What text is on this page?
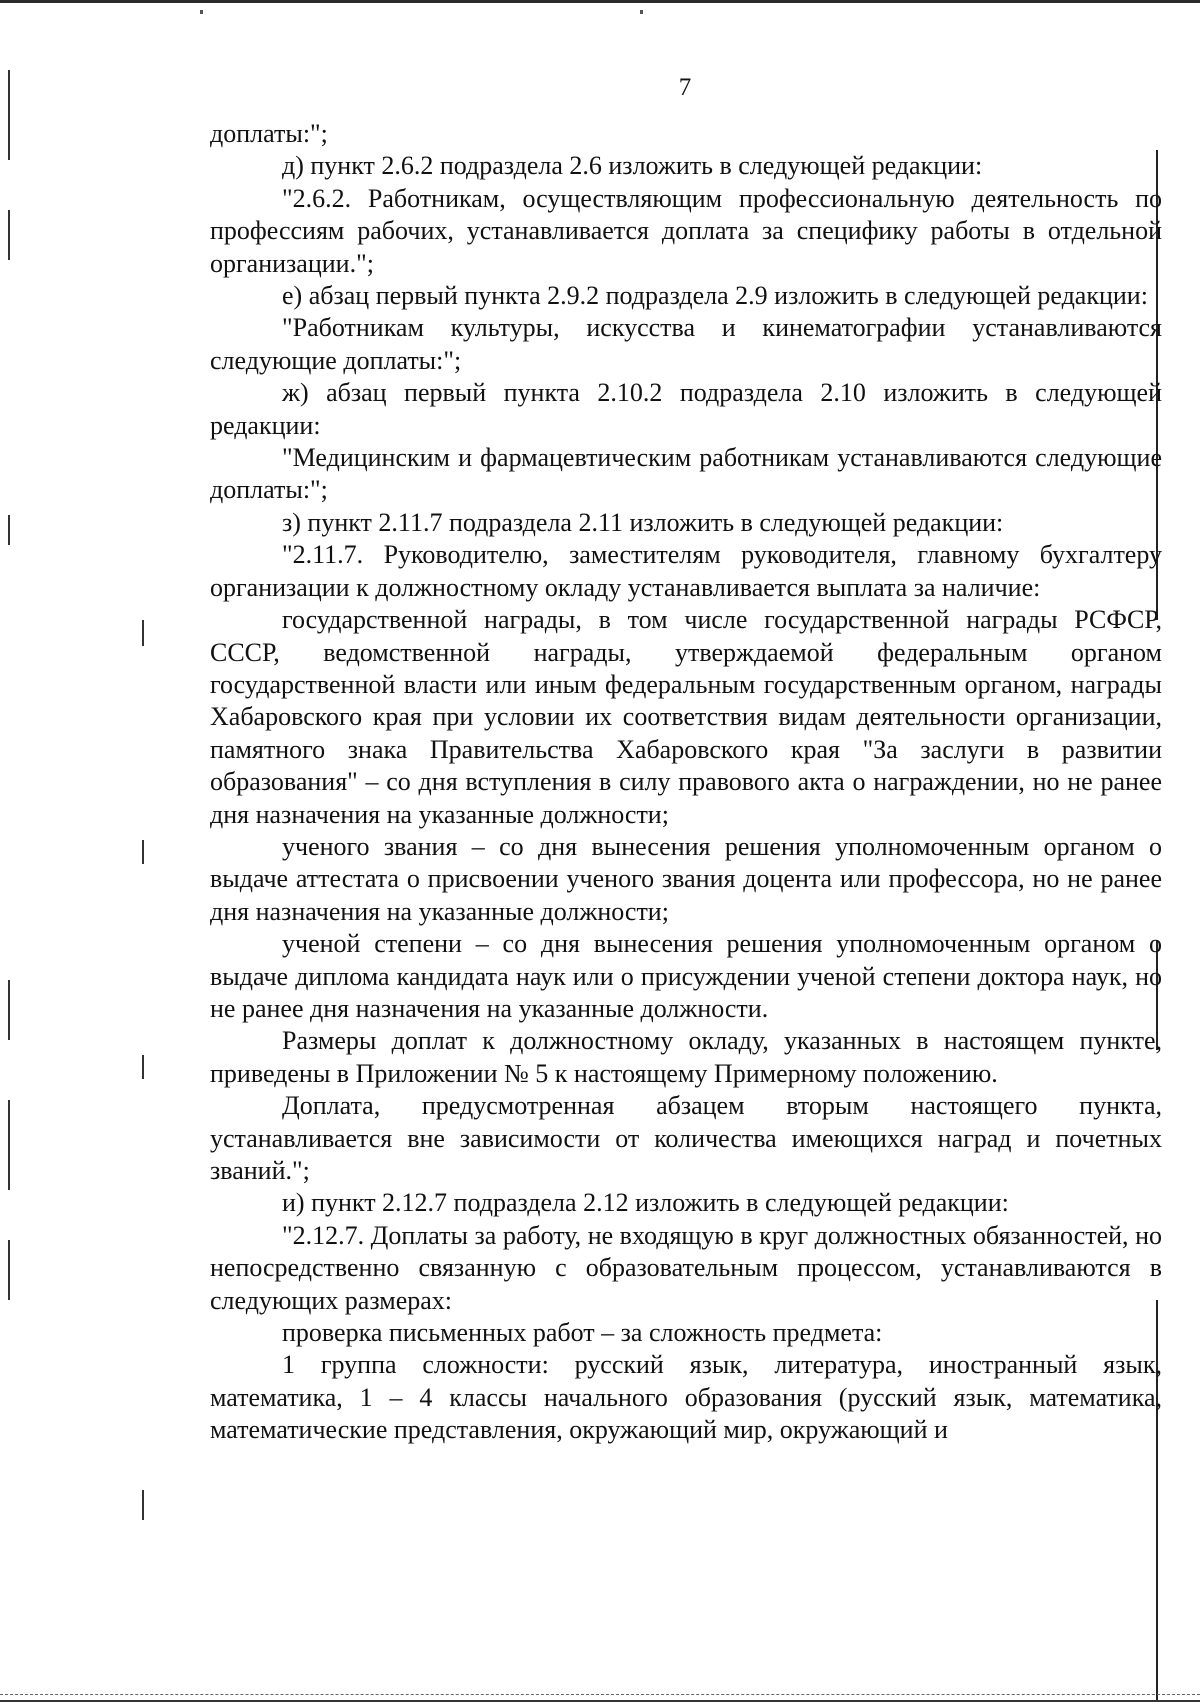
7

доплаты:";

д) пункт 2.6.2 подраздела 2.6 изложить в следующей редакции:

"2.6.2. Работникам, осуществляющим профессиональную деятельность по профессиям рабочих, устанавливается доплата за специфику работы в отдельной организации.";

е) абзац первый пункта 2.9.2 подраздела 2.9 изложить в следующей редакции:

"Работникам культуры, искусства и кинематографии устанавливаются следующие доплаты:";

ж) абзац первый пункта 2.10.2 подраздела 2.10 изложить в следующей редакции:

"Медицинским и фармацевтическим работникам устанавливаются следующие доплаты:";

з) пункт 2.11.7 подраздела 2.11 изложить в следующей редакции:

"2.11.7. Руководителю, заместителям руководителя, главному бухгалтеру организации к должностному окладу устанавливается выплата за наличие:

государственной награды, в том числе государственной награды РСФСР, СССР, ведомственной награды, утверждаемой федеральным органом государственной власти или иным федеральным государственным органом, награды Хабаровского края при условии их соответствия видам деятельности организации, памятного знака Правительства Хабаровского края "За заслуги в развитии образования" – со дня вступления в силу правового акта о награждении, но не ранее дня назначения на указанные должности;

ученого звания – со дня вынесения решения уполномоченным органом о выдаче аттестата о присвоении ученого звания доцента или профессора, но не ранее дня назначения на указанные должности;

ученой степени – со дня вынесения решения уполномоченным органом о выдаче диплома кандидата наук или о присуждении ученой степени доктора наук, но не ранее дня назначения на указанные должности.

Размеры доплат к должностному окладу, указанных в настоящем пункте, приведены в Приложении № 5 к настоящему Примерному положению.

Доплата, предусмотренная абзацем вторым настоящего пункта, устанавливается вне зависимости от количества имеющихся наград и почетных званий.";

и) пункт 2.12.7 подраздела 2.12 изложить в следующей редакции:

"2.12.7. Доплаты за работу, не входящую в круг должностных обязанностей, но непосредственно связанную с образовательным процессом, устанавливаются в следующих размерах:

проверка письменных работ – за сложность предмета:

1 группа сложности: русский язык, литература, иностранный язык, математика, 1 – 4 классы начального образования (русский язык, математика, математические представления, окружающий мир, окружающий и
